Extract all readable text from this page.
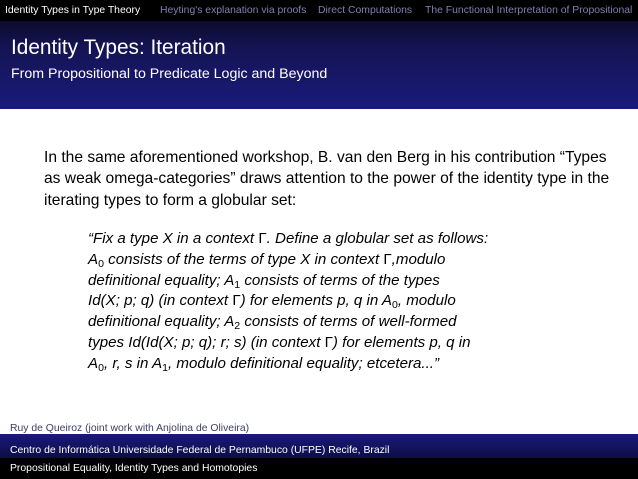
Identity Types in Type Theory Heyting's explanation via proofs Direct Computations The Functional Interpretation of Propositional
Identity Types: Iteration
From Propositional to Predicate Logic and Beyond
In the same aforementioned workshop, B. van den Berg in his contribution “Types as weak omega-categories” draws attention to the power of the identity type in the iterating types to form a globular set:
“Fix a type X in a context Γ. Define a globular set as follows:
$A_0$ consists of the terms of type X in context Γ,modulo
definitional equality; $A_1$ consists of terms of the types
Id(X; p; q) (in context Γ) for elements p, q in $A_0$, modulo
definitional equality; $A_2$ consists of terms of well-formed
types Id(Id(X; p; q); r; s) (in context Γ) for elements p, q in
$A_0$, r, s in $A_1$, modulo definitional equality; etcetera...”
Ruy de Queiroz (joint work with Anjolina de Oliveira)
Centro de Informática Universidade Federal de Pernambuco (UFPE) Recife, Brazil
Propositional Equality, Identity Types and Homotopies
